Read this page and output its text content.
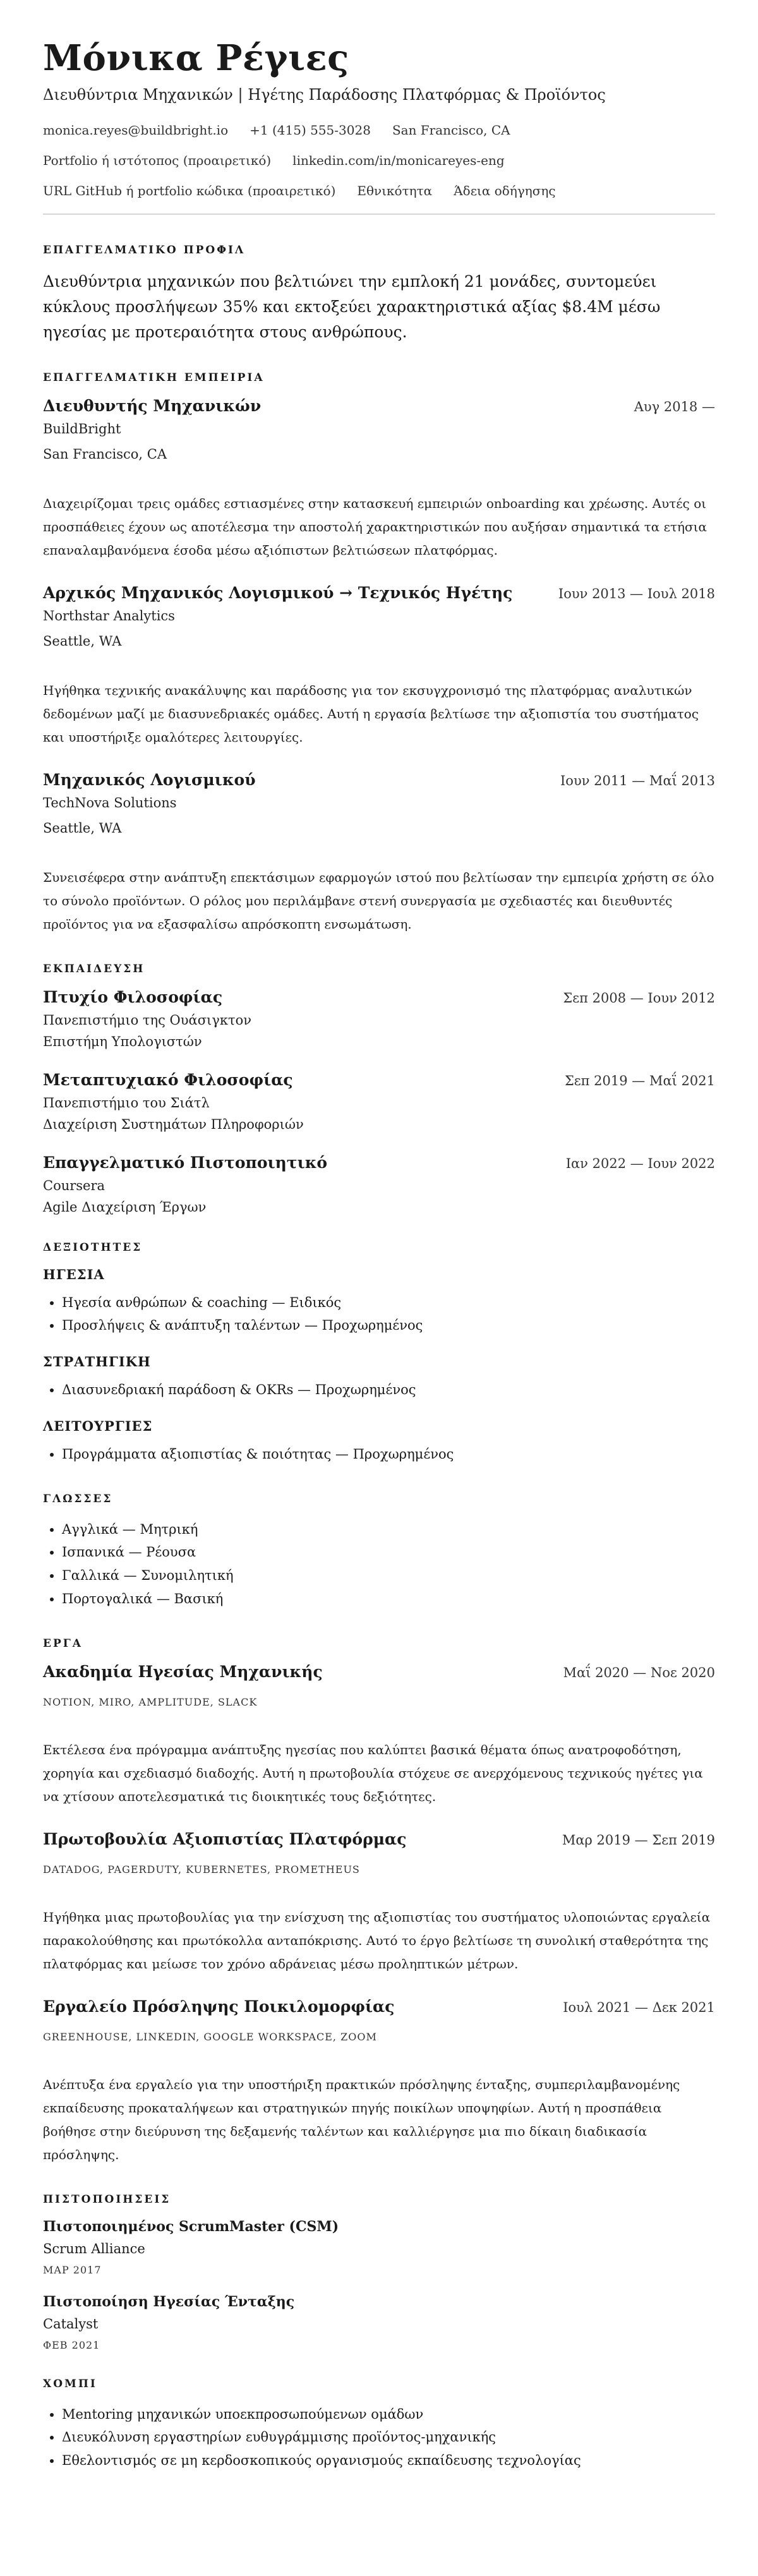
Μόνικα Ρέγιες

Διευθύντρια Μηχανικών | Ηγέτης Παράδοσης Πλατφόρμας & Προϊόντος

monica.reyes@buildbright.io +1 (415) 555-3028 San Francisco, CA
Portfolio ή ιστότοπος (προαιρετικό) linkedin.com/in/monicareyes-eng
URL GitHub ή portfolio κώδικα (προαιρετικό) Εθνικότητα Άδεια οδήγησης
ΕΠΑΓΓΕΛΜΑΤΙΚΟ ΠΡΟΦΙΛ

Διευθύντρια μηχανικών που βελτιώνει την εμπλοκή 21 μονάδες, συντομεύει κύκλους προσλήψεων 35% και εκτοξεύει χαρακτηριστικά αξίας $8.4M μέσω ηγεσίας με προτεραιότητα στους ανθρώπους.

ΕΠΑΓΓΕΛΜΑΤΙΚΗ ΕΜΠΕΙΡΙΑ
Διευθυντής Μηχανικών	Αυγ 2018 —

BuildBright

San Francisco, CA

Διαχειρίζομαι τρεις ομάδες εστιασμένες στην κατασκευή εμπειριών onboarding και χρέωσης. Αυτές οι προσπάθειες έχουν ως αποτέλεσμα την αποστολή χαρακτηριστικών που αυξήσαν σημαντικά τα ετήσια επαναλαμβανόμενα έσοδα μέσω αξιόπιστων βελτιώσεων πλατφόρμας.

Αρχικός Μηχανικός Λογισμικού → Τεχνικός Ηγέτης	Ιουν 2013 — Ιουλ 2018

Northstar Analytics

Seattle, WA

Ηγήθηκα τεχνικής ανακάλυψης και παράδοσης για τον εκσυγχρονισμό της πλατφόρμας αναλυτικών δεδομένων μαζί με διασυνεδριακές ομάδες. Αυτή η εργασία βελτίωσε την αξιοπιστία του συστήματος και υποστήριξε ομαλότερες λειτουργίες.

Μηχανικός Λογισμικού	Ιουν 2011 — Μαΐ 2013

TechNova Solutions

Seattle, WA

Συνεισέφερα στην ανάπτυξη επεκτάσιμων εφαρμογών ιστού που βελτίωσαν την εμπειρία χρήστη σε όλο το σύνολο προϊόντων. Ο ρόλος μου περιλάμβανε στενή συνεργασία με σχεδιαστές και διευθυντές προϊόντος για να εξασφαλίσω απρόσκοπτη ενσωμάτωση.

ΕΚΠΑΙΔΕΥΣΗ
Πτυχίο Φιλοσοφίας	Σεπ 2008 — Ιουν 2012

Πανεπιστήμιο της Ουάσιγκτον

Επιστήμη Υπολογιστών

Μεταπτυχιακό Φιλοσοφίας	Σεπ 2019 — Μαΐ 2021

Πανεπιστήμιο του Σιάτλ

Διαχείριση Συστημάτων Πληροφοριών

Επαγγελματικό Πιστοποιητικό	Ιαν 2022 — Ιουν 2022

Coursera

Agile Διαχείριση Έργων

ΔΕΞΙΟΤΗΤΕΣ
ΗΓΕΣΙΑ
• Ηγεσία ανθρώπων & coaching — Ειδικός
• Προσλήψεις & ανάπτυξη ταλέντων — Προχωρημένος
ΣΤΡΑΤΗΓΙΚΗ
• Διασυνεδριακή παράδοση & OKRs — Προχωρημένος
ΛΕΙΤΟΥΡΓΙΕΣ
• Προγράμματα αξιοπιστίας & ποιότητας — Προχωρημένος
ΓΛΩΣΣΕΣ
• Αγγλικά — Μητρική
• Ισπανικά — Ρέουσα
• Γαλλικά — Συνομιλητική
• Πορτογαλικά — Βασική
ΕΡΓΑ
Ακαδημία Ηγεσίας Μηχανικής	Μαΐ 2020 — Νοε 2020

NOTION, MIRO, AMPLITUDE, SLACK

Εκτέλεσα ένα πρόγραμμα ανάπτυξης ηγεσίας που καλύπτει βασικά θέματα όπως ανατροφοδότηση, χορηγία και σχεδιασμό διαδοχής. Αυτή η πρωτοβουλία στόχευε σε ανερχόμενους τεχνικούς ηγέτες για να χτίσουν αποτελεσματικά τις διοικητικές τους δεξιότητες.

Πρωτοβουλία Αξιοπιστίας Πλατφόρμας	Μαρ 2019 — Σεπ 2019

DATADOG, PAGERDUTY, KUBERNETES, PROMETHEUS

Ηγήθηκα μιας πρωτοβουλίας για την ενίσχυση της αξιοπιστίας του συστήματος υλοποιώντας εργαλεία παρακολούθησης και πρωτόκολλα ανταπόκρισης. Αυτό το έργο βελτίωσε τη συνολική σταθερότητα της πλατφόρμας και μείωσε τον χρόνο αδράνειας μέσω προληπτικών μέτρων.

Εργαλείο Πρόσληψης Ποικιλομορφίας	Ιουλ 2021 — Δεκ 2021

GREENHOUSE, LINKEDIN, GOOGLE WORKSPACE, ZOOM

Ανέπτυξα ένα εργαλείο για την υποστήριξη πρακτικών πρόσληψης ένταξης, συμπεριλαμβανομένης εκπαίδευσης προκαταλήψεων και στρατηγικών πηγής ποικίλων υποψηφίων. Αυτή η προσπάθεια βοήθησε στην διεύρυνση της δεξαμενής ταλέντων και καλλιέργησε μια πιο δίκαιη διαδικασία πρόσληψης.

ΠΙΣΤΟΠΟΙΗΣΕΙΣ
Πιστοποιημένος ScrumMaster (CSM)

Scrum Alliance

ΜΑΡ 2017

Πιστοποίηση Ηγεσίας Ένταξης

Catalyst

ΦΕΒ 2021

ΧΟΜΠΙ
• Mentoring μηχανικών υποεκπροσωπούμενων ομάδων
• Διευκόλυνση εργαστηρίων ευθυγράμμισης προϊόντος-μηχανικής
• Εθελοντισμός σε μη κερδοσκοπικούς οργανισμούς εκπαίδευσης τεχνολογίας
